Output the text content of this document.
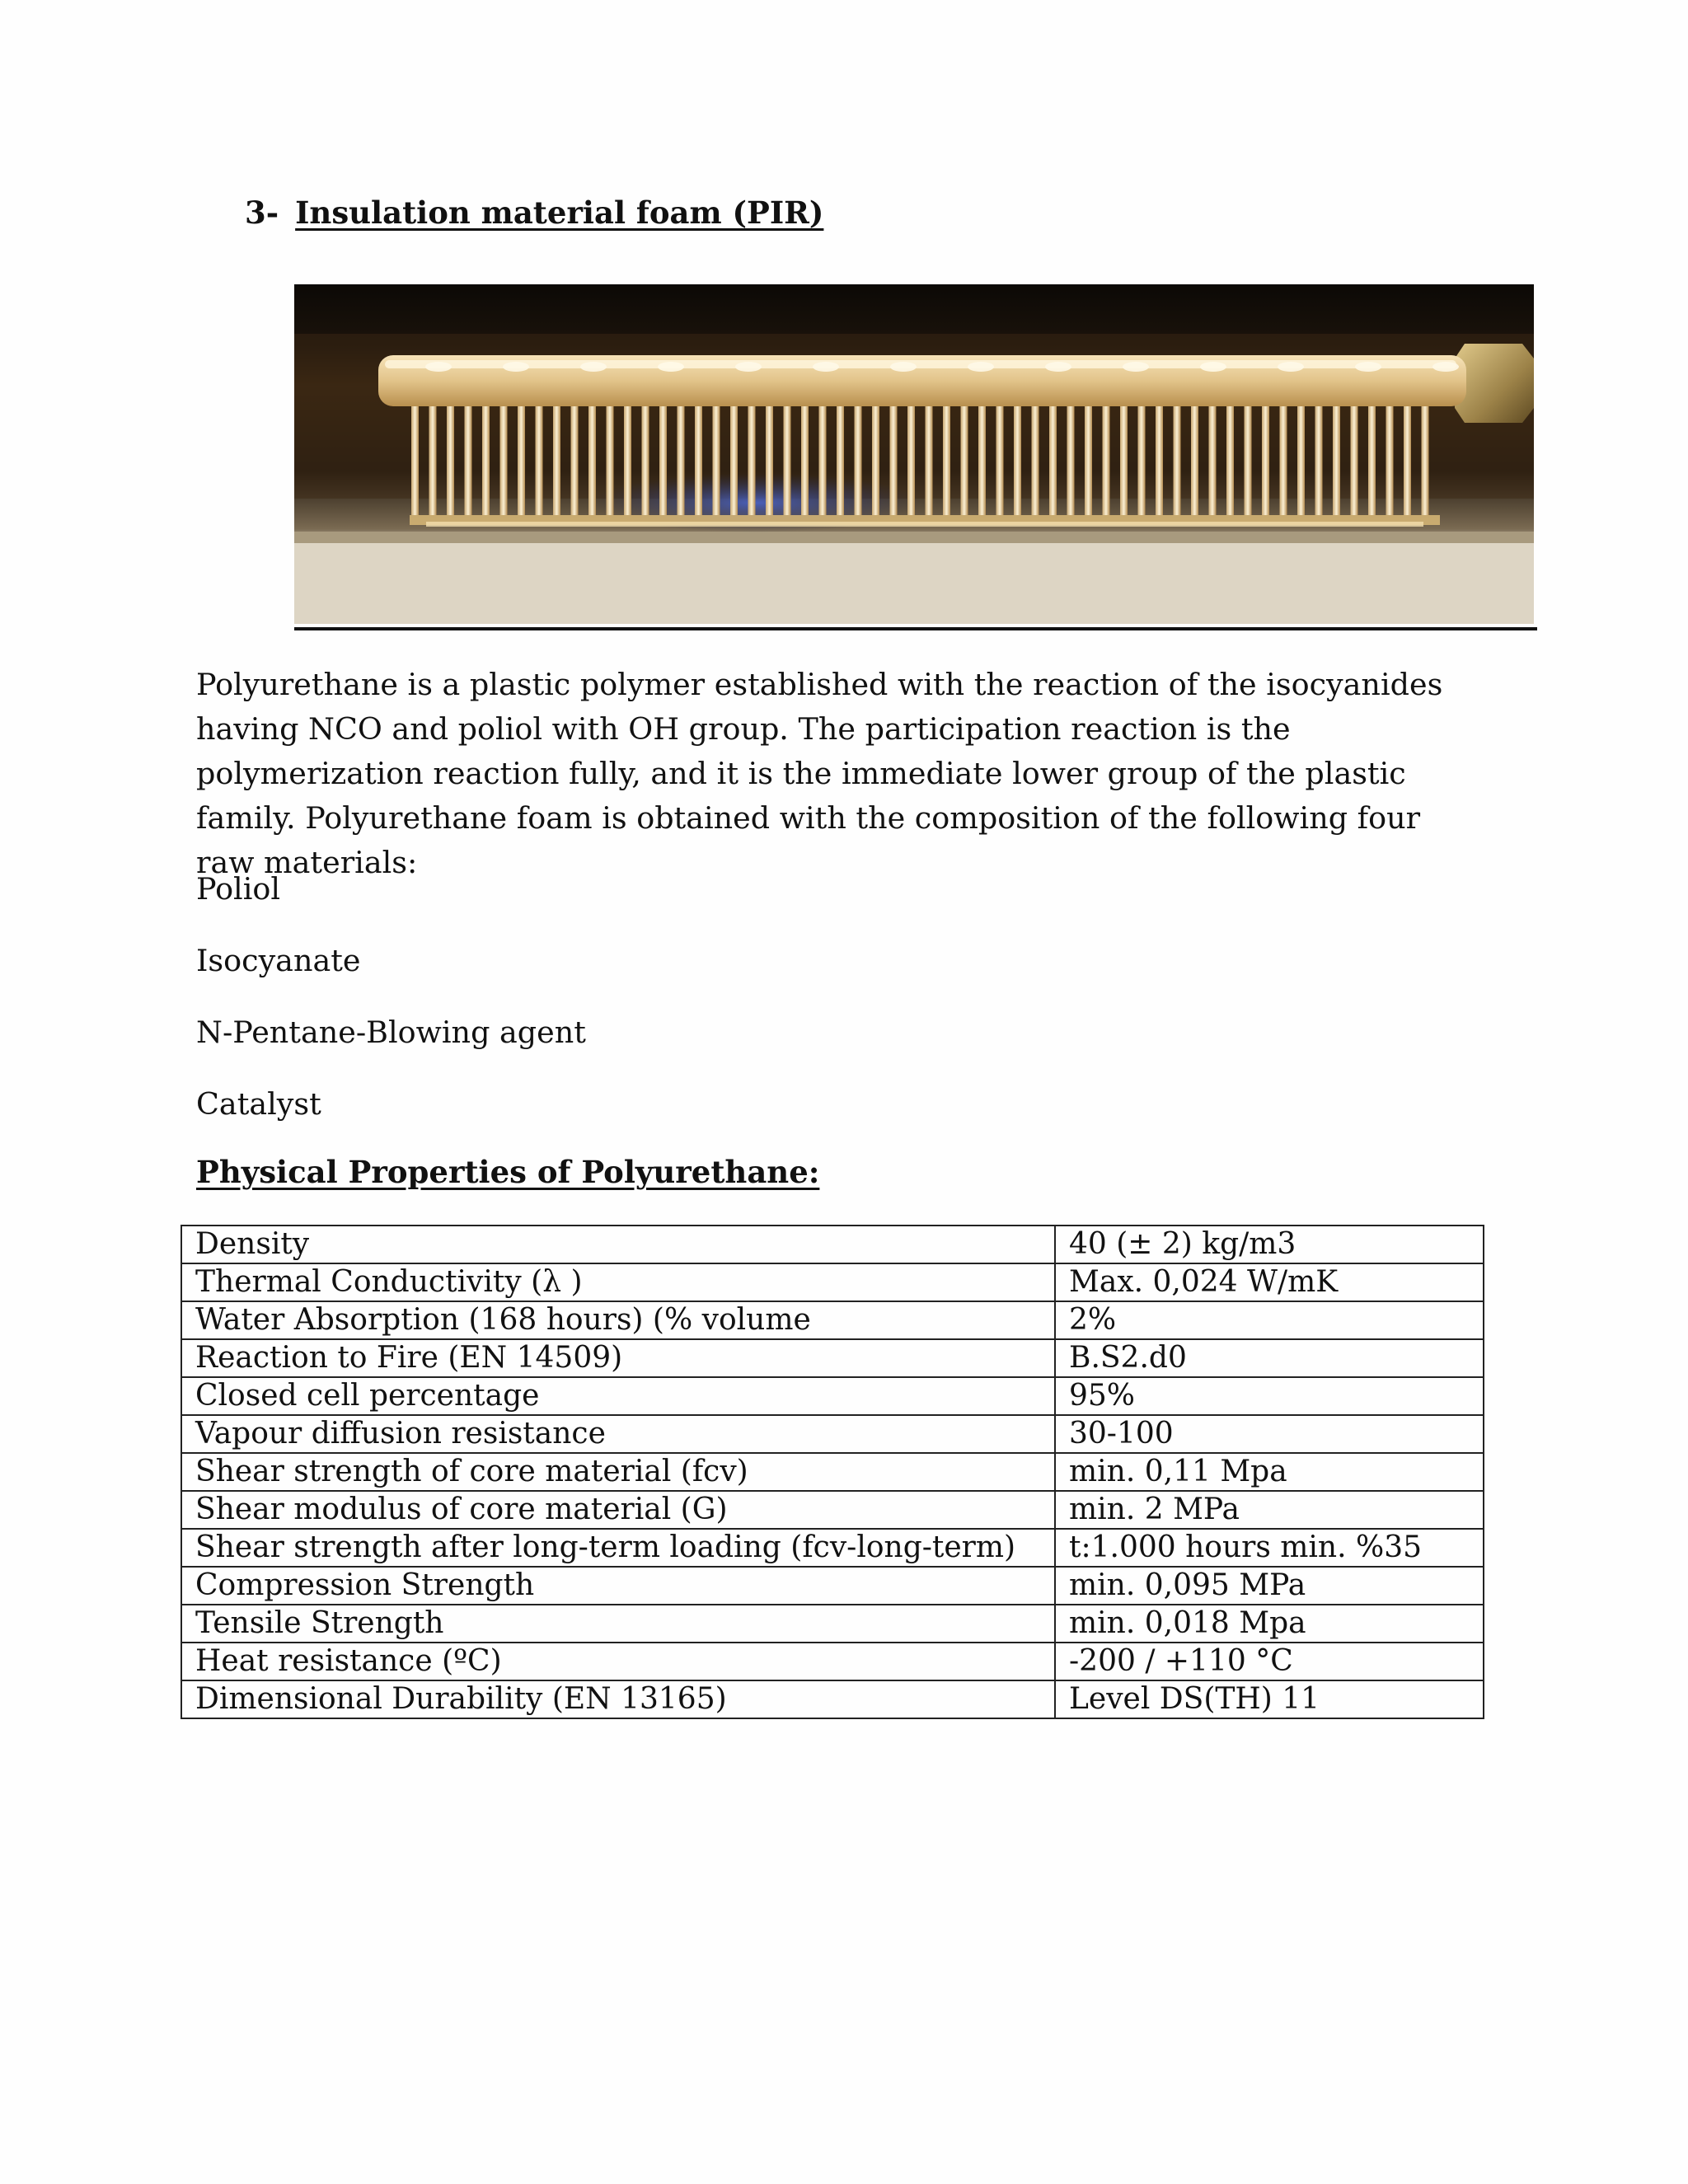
3- Insulation material foam (PIR)

Polyurethane is a plastic polymer established with the reaction of the isocyanides having NCO and poliol with OH group. The participation reaction is the polymerization reaction fully, and it is the immediate lower group of the plastic family. Polyurethane foam is obtained with the composition of the following four raw materials:

Poliol
Isocyanate
N-Pentane-Blowing agent
Catalyst
Physical Properties of Polyurethane:
Density	40 (± 2) kg/m3
Thermal Conductivity (λ )	Max. 0,024 W/mK
Water Absorption (168 hours) (% volume	2%
Reaction to Fire (EN 14509)	B.S2.d0
Closed cell percentage	95%
Vapour diffusion resistance	30-100
Shear strength of core material (fcv)	min. 0,11 Mpa
Shear modulus of core material (G)	min. 2 MPa
Shear strength after long-term loading (fcv-long-term)	t:1.000 hours min. %35
Compression Strength	min. 0,095 MPa
Tensile Strength	min. 0,018 Mpa
Heat resistance (ºC)	-200 / +110 °C
Dimensional Durability (EN 13165)	Level DS(TH) 11
